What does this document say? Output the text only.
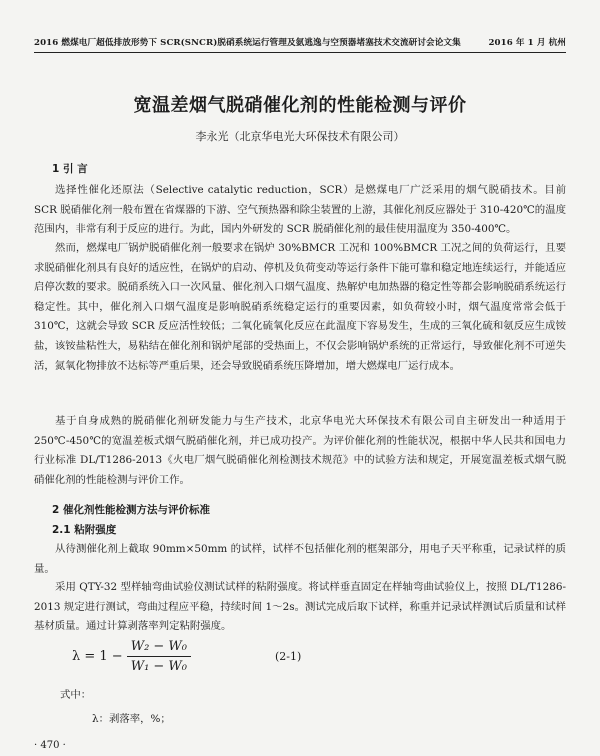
2016 燃煤电厂超低排放形势下 SCR(SNCR)脱硝系统运行管理及氨逃逸与空预器堵塞技术交流研讨会论文集	2016 年 1 月 杭州
宽温差烟气脱硝催化剂的性能检测与评价
李永光（北京华电光大环保技术有限公司）
1 引 言
选择性催化还原法（Selective catalytic reduction，SCR）是燃煤电厂广泛采用的烟气脱硝技术。目前 SCR 脱硝催化剂一般布置在省煤器的下游、空气预热器和除尘装置的上游，其催化剂反应器处于 310-420℃的温度范围内，非常有利于反应的进行。为此，国内外研发的 SCR 脱硝催化剂的最佳使用温度为 350-400℃。
然而，燃煤电厂锅炉脱硝催化剂一般要求在锅炉 30%BMCR 工况和 100%BMCR 工况之间的负荷运行，且要求脱硝催化剂具有良好的适应性，在锅炉的启动、停机及负荷变动等运行条件下能可靠和稳定地连续运行，并能适应启停次数的要求。脱硝系统入口一次风量、催化剂入口烟气温度、热解炉电加热器的稳定性等都会影响脱硝系统运行稳定性。其中，催化剂入口烟气温度是影响脱硝系统稳定运行的重要因素，如负荷较小时，烟气温度常常会低于 310℃，这就会导致 SCR 反应活性较低；二氧化硫氧化反应在此温度下容易发生，生成的三氧化硫和氨反应生成铵盐，该铵盐粘性大，易粘结在催化剂和锅炉尾部的受热面上，不仅会影响锅炉系统的正常运行，导致催化剂不可逆失活，氮氧化物排放不达标等严重后果，还会导致脱硝系统压降增加，增大燃煤电厂运行成本。
基于自身成熟的脱硝催化剂研发能力与生产技术，北京华电光大环保技术有限公司自主研发出一种适用于 250℃-450℃的宽温差板式烟气脱硝催化剂，并已成功投产。为评价催化剂的性能状况，根据中华人民共和国电力行业标准 DL/T1286-2013《火电厂烟气脱硝催化剂检测技术规范》中的试验方法和规定，开展宽温差板式烟气脱硝催化剂的性能检测与评价工作。
2 催化剂性能检测方法与评价标准
2.1 粘附强度
从待测催化剂上截取 90mm×50mm 的试样，试样不包括催化剂的框架部分，用电子天平称重，记录试样的质量。
采用 QTY-32 型样轴弯曲试验仪测试试样的粘附强度。将试样垂直固定在样轴弯曲试验仪上，按照 DL/T1286-2013 规定进行测试，弯曲过程应平稳，持续时间 1～2s。测试完成后取下试样，称重并记录试样测试后质量和试样基材质量。通过计算剥落率判定粘附强度。
$\lambda = 1 - \frac{\text{W₂ − W₀}}{\text{W₁ − W₀}}$	(2-1)
式中：
λ：剥落率，%；
· 470 ·
